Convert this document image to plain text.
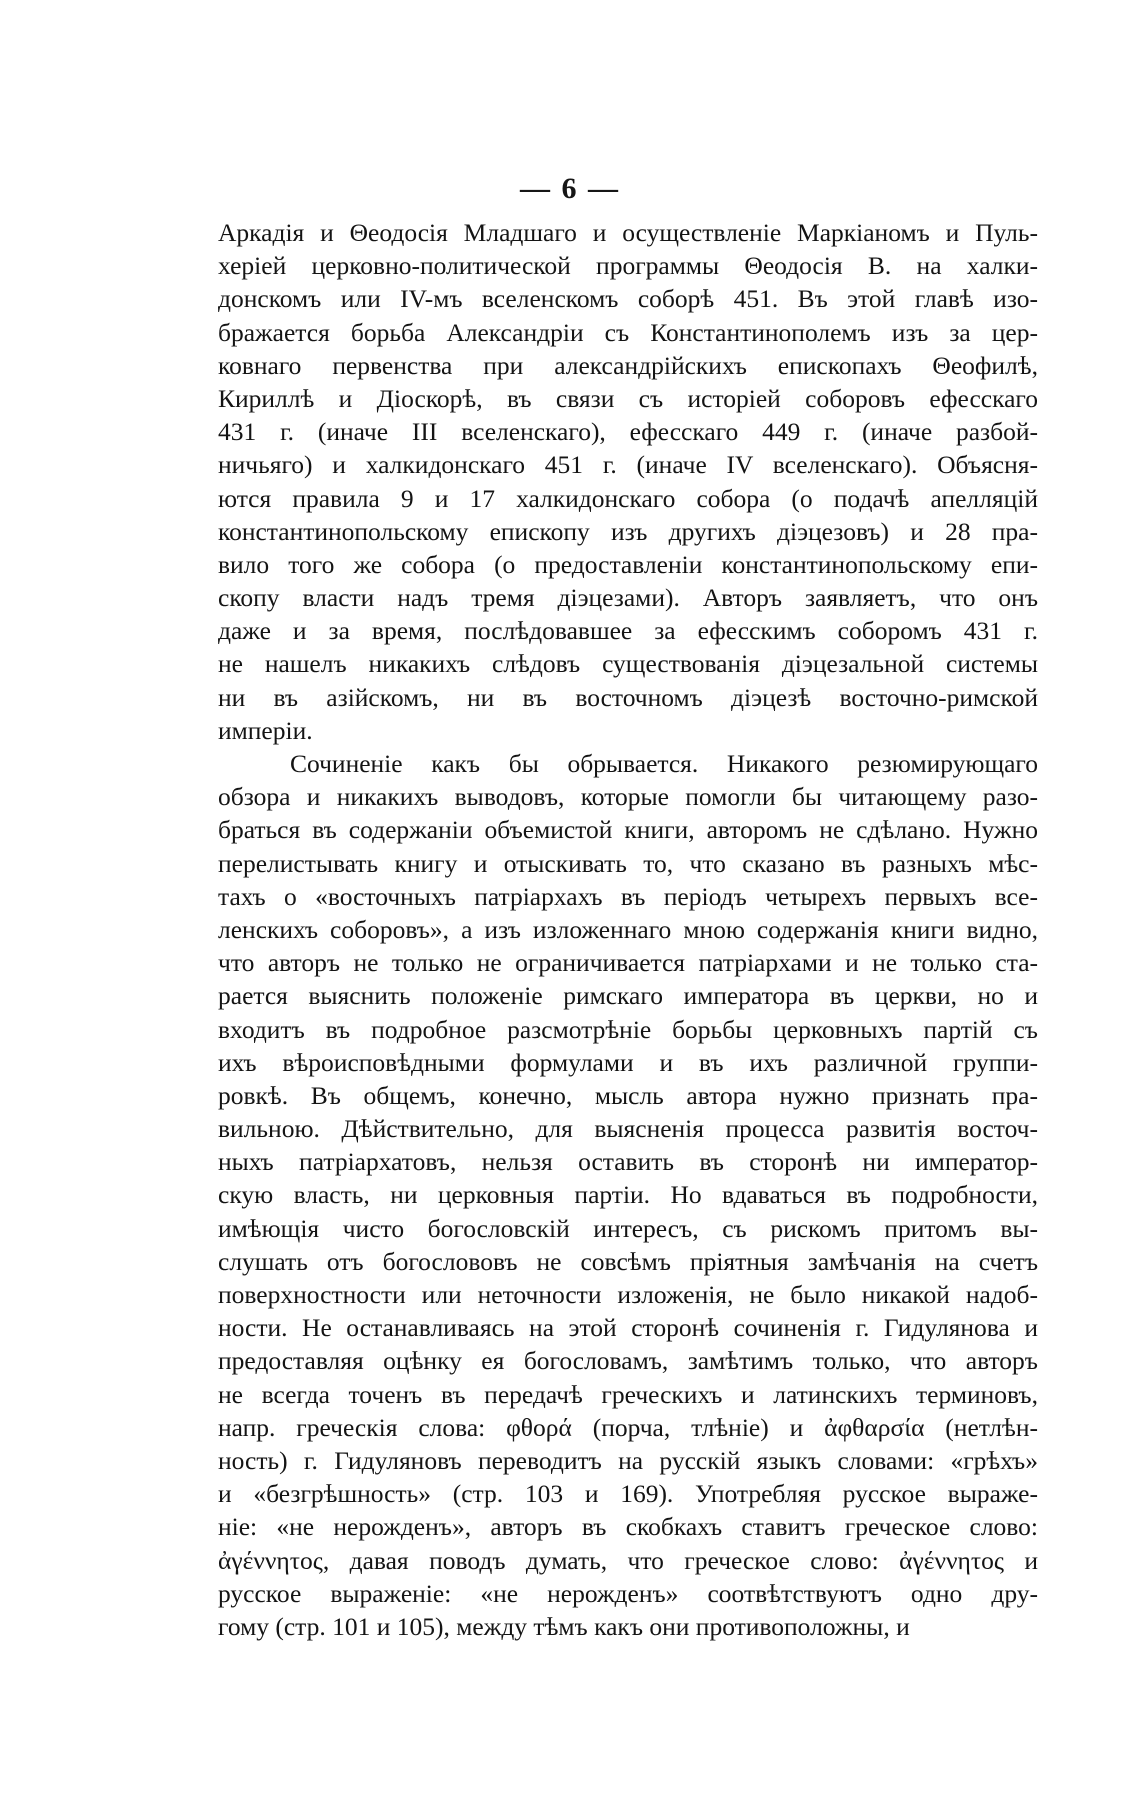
— 6 —
Аркадія и Θеодосія Младшаго и осуществленіе Маркіаномъ и Пуль-
херіей церковно-политической программы Θеодосія В. на халки-
донскомъ или IV-мъ вселенскомъ соборѣ 451. Въ этой главѣ изо-
бражается борьба Александріи съ Константинополемъ изъ за цер-
ковнаго первенства при александрійскихъ епископахъ Θеофилѣ,
Кириллѣ и Діоскорѣ, въ связи съ исторіей соборовъ ефесскаго
431 г. (иначе III вселенскаго), ефесскаго 449 г. (иначе разбой-
ничьяго) и халкидонскаго 451 г. (иначе IV вселенскаго). Объясня-
ются правила 9 и 17 халкидонскаго собора (о подачѣ апелляцій
константинопольскому епископу изъ другихъ діэцезовъ) и 28 пра-
вило того же собора (о предоставленіи константинопольскому епи-
скопу власти надъ тремя діэцезами). Авторъ заявляетъ, что онъ
даже и за время, послѣдовавшее за ефесскимъ соборомъ 431 г.
не нашелъ никакихъ слѣдовъ существованія діэцезальной системы
ни въ азійскомъ, ни въ восточномъ діэцезѣ восточно-римской
имперіи.
Сочиненіе какъ бы обрывается. Никакого резюмирующаго
обзора и никакихъ выводовъ, которые помогли бы читающему разо-
браться въ содержаніи объемистой книги, авторомъ не сдѣлано. Нужно
перелистывать книгу и отыскивать то, что сказано въ разныхъ мѣс-
тахъ о «восточныхъ патріархахъ въ періодъ четырехъ первыхъ все-
ленскихъ соборовъ», а изъ изложеннаго мною содержанія книги видно,
что авторъ не только не ограничивается патріархами и не только ста-
рается выяснить положеніе римскаго императора въ церкви, но и
входитъ въ подробное разсмотрѣніе борьбы церковныхъ партій съ
ихъ вѣроисповѣдными формулами и въ ихъ различной группи-
ровкѣ. Въ общемъ, конечно, мысль автора нужно признать пра-
вильною. Дѣйствительно, для выясненія процесса развитія восточ-
ныхъ патріархатовъ, нельзя оставить въ сторонѣ ни император-
скую власть, ни церковныя партіи. Но вдаваться въ подробности,
имѣющія чисто богословскій интересъ, съ рискомъ притомъ вы-
слушать отъ богослововъ не совсѣмъ пріятныя замѣчанія на счетъ
поверхностности или неточности изложенія, не было никакой надоб-
ности. Не останавливаясь на этой сторонѣ сочиненія г. Гидулянова и
предоставляя оцѣнку ея богословамъ, замѣтимъ только, что авторъ
не всегда точенъ въ передачѣ греческихъ и латинскихъ терминовъ,
напр. греческія слова: φθορά (порча, тлѣніе) и ἀφθαρσία (нетлѣн-
ность) г. Гидуляновъ переводитъ на русскій языкъ словами: «грѣхъ»
и «безгрѣшность» (стр. 103 и 169). Употребляя русское выраже-
ніе: «не нерожденъ», авторъ въ скобкахъ ставитъ греческое слово:
ἀγέννητος, давая поводъ думать, что греческое слово: ἀγέννητος и
русское выраженіе: «не нерожденъ» соотвѣтствуютъ одно дру-
гому (стр. 101 и 105), между тѣмъ какъ они противоположны, и
